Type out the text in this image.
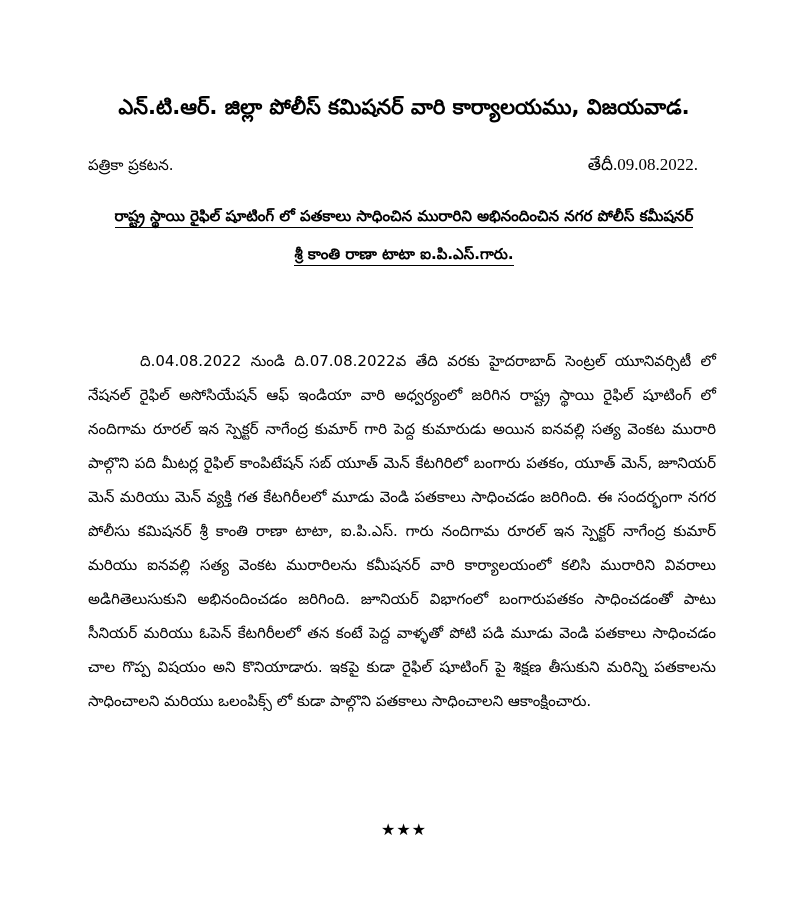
ఎన్.టి.ఆర్. జిల్లా పోలీస్ కమిషనర్ వారి కార్యాలయము, విజయవాడ.
పత్రికా ప్రకటన.	తేదీ.09.08.2022.
రాష్ట్ర స్థాయి రైఫిల్ షూటింగ్ లో పతకాలు సాధించిన మురారిని అభినందించిన నగర పోలీస్ కమీషనర్
శ్రీ కాంతి రాణా టాటా ఐ.పి.ఎస్.గారు.

ది.04.08.2022 నుండి ది.07.08.2022వ తేది వరకు హైదరాబాద్ సెంట్రల్ యూనివర్సిటీ లో నేషనల్ రైఫిల్ అసోసియేషన్ ఆఫ్ ఇండియా వారి అధ్వర్యంలో జరిగిన రాష్ట్ర స్థాయి రైఫిల్ షూటింగ్ లో నందిగామ రూరల్ ఇన స్పెక్టర్ నాగేంద్ర కుమార్ గారి పెద్ద కుమారుడు అయిన ఐనవల్లి సత్య వెంకట మురారి పాల్గొని పది మీటర్ల రైఫిల్ కాంపిటేషన్ సబ్ యూత్ మెన్ కేటగిరిలో బంగారు పతకం, యూత్ మెన్, జూనియర్ మెన్ మరియు మెన్ వ్యక్తి గత కేటగిరీలలో మూడు వెండి పతకాలు సాధించడం జరిగింది. ఈ సందర్భంగా నగర పోలీసు కమిషనర్ శ్రీ కాంతి రాణా టాటా, ఐ.పి.ఎస్. గారు నందిగామ రూరల్ ఇన స్పెక్టర్ నాగేంద్ర కుమార్ మరియు ఐనవల్లి సత్య వెంకట మురారిలను కమీషనర్ వారి కార్యాలయంలో కలిసి మురారిని వివరాలు అడిగితెలుసుకుని అభినందించడం జరిగింది. జూనియర్ విభాగంలో బంగారుపతకం సాధించడంతో పాటు సీనియర్ మరియు ఓపెన్ కేటగిరీలలో తన కంటే పెద్ద వాళ్ళతో పోటి పడి మూడు వెండి పతకాలు సాధించడం చాల గొప్ప విషయం అని కొనియాడారు. ఇకపై కుడా రైఫిల్ షూటింగ్ పై శిక్షణ తీసుకుని మరిన్ని పతకాలను సాధించాలని మరియు ఒలంపిక్స్ లో కుడా పాల్గొని పతకాలు సాధించాలని ఆకాంక్షించారు.

★★★
